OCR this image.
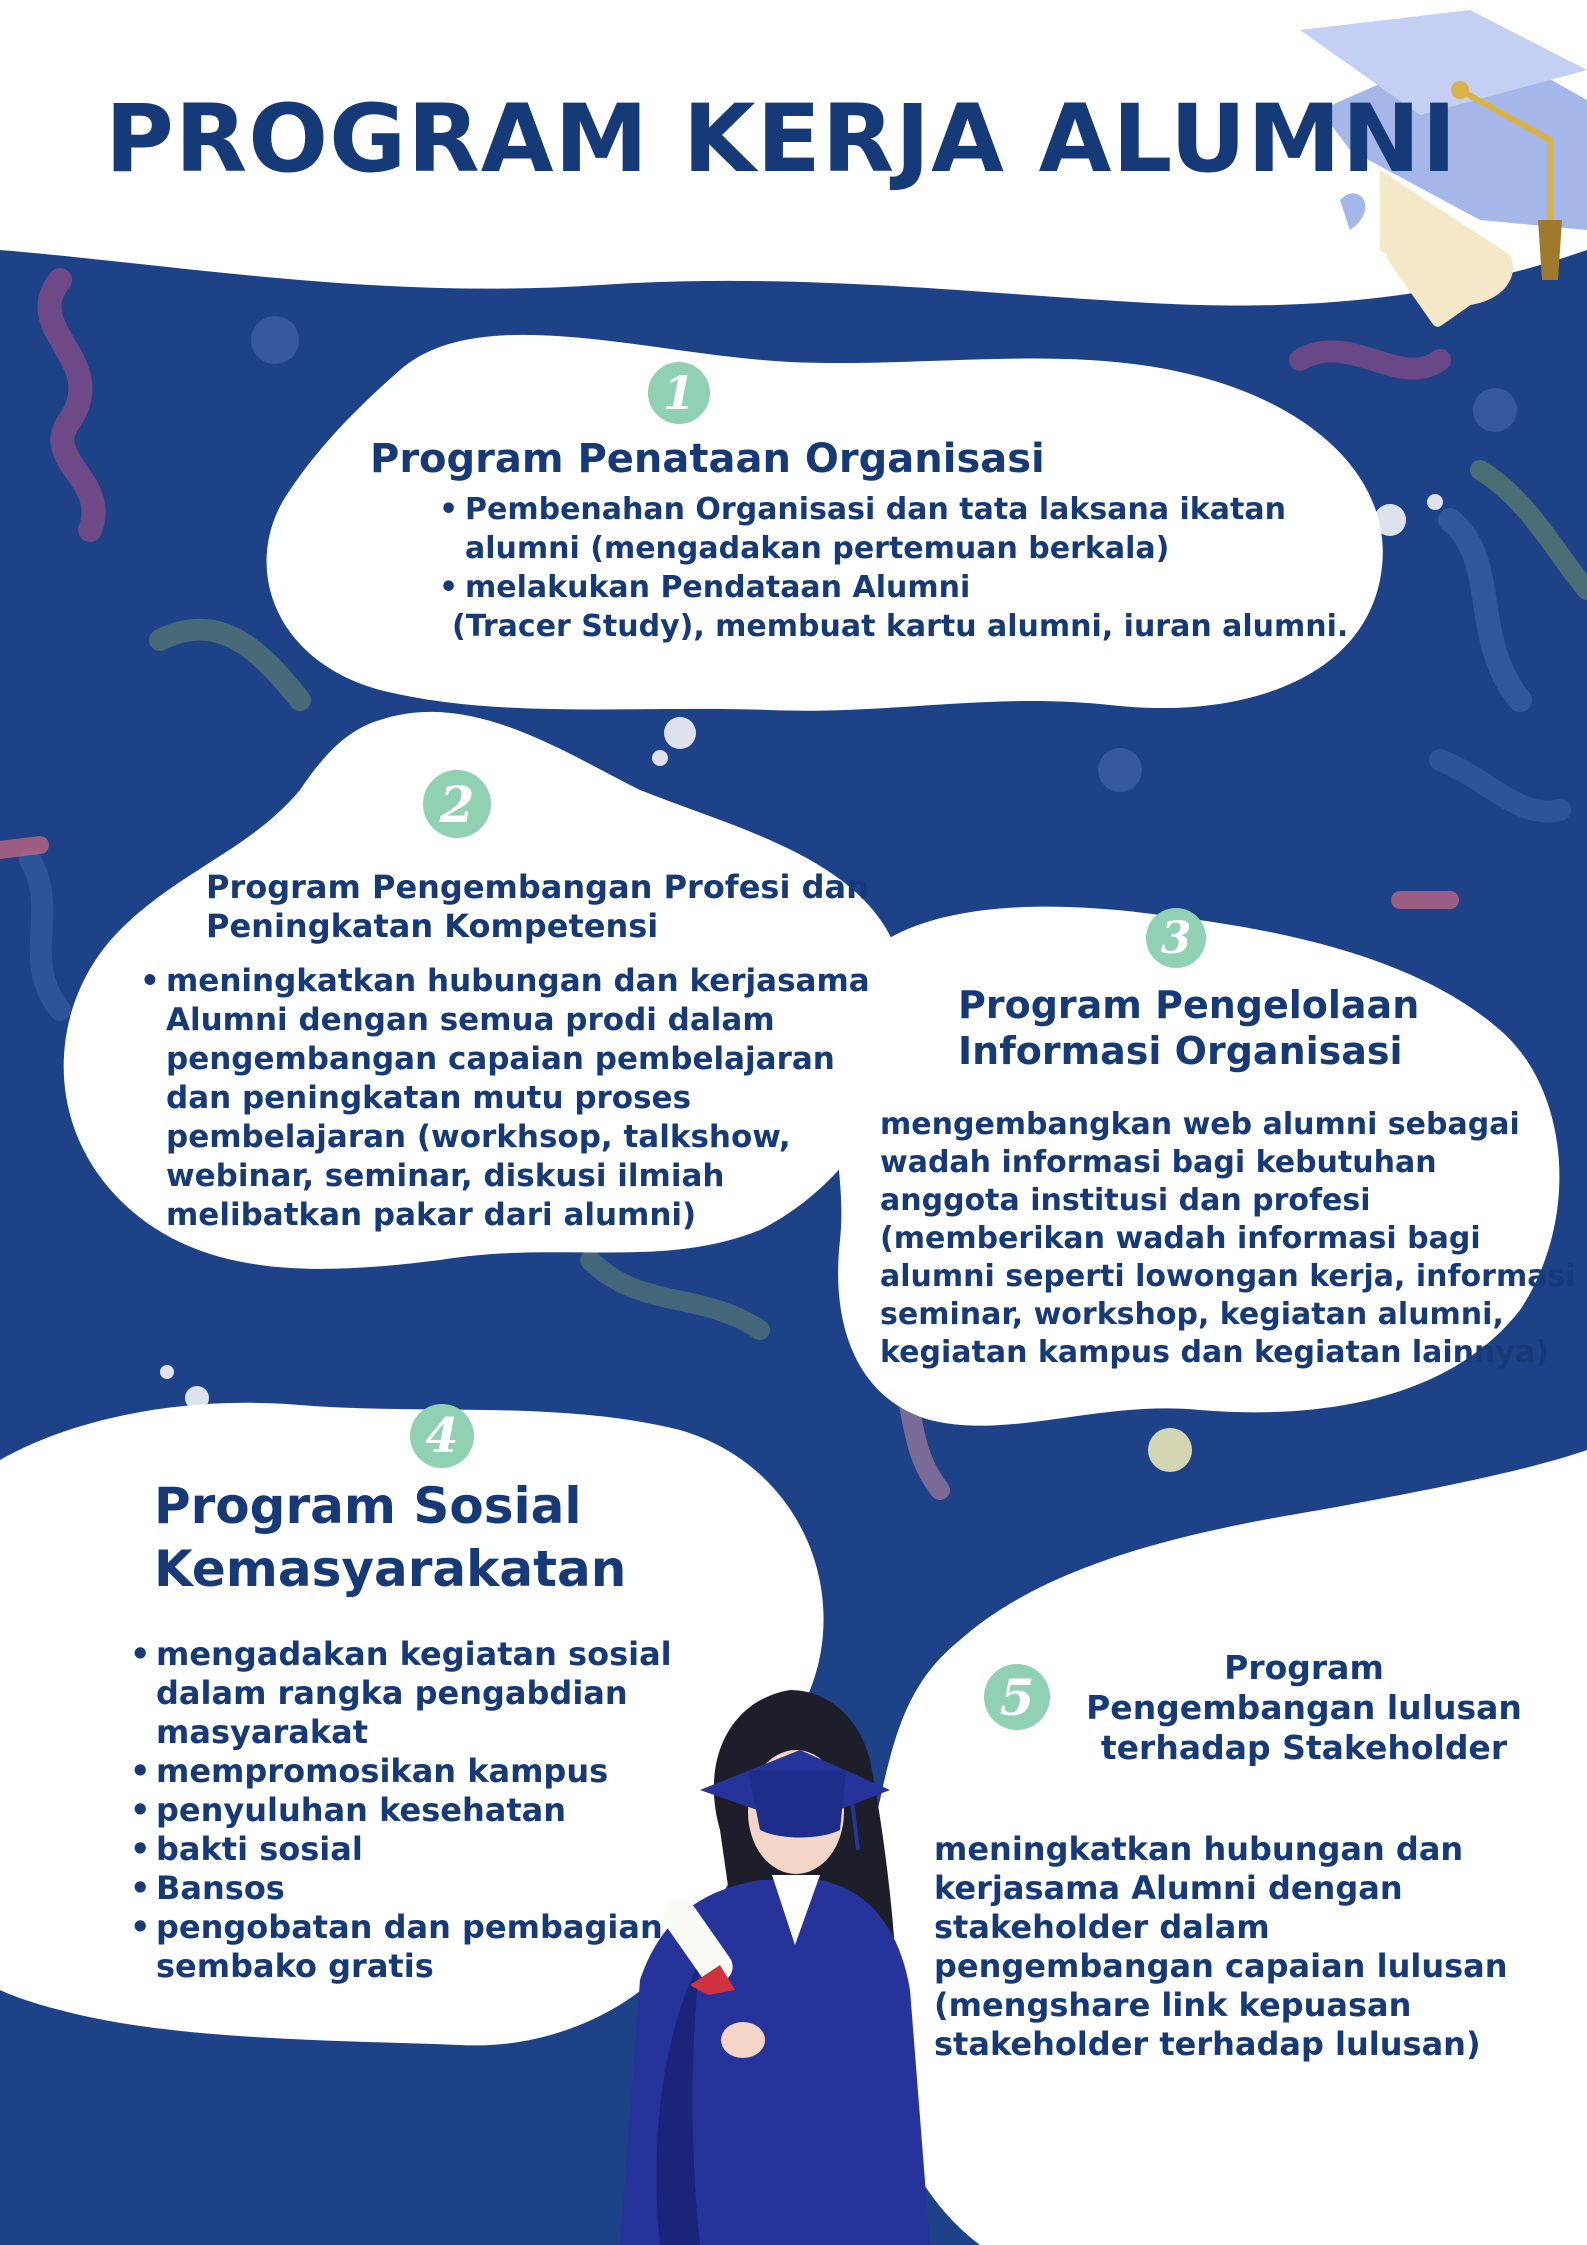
PROGRAM KERJA ALUMNI
1
Program Penataan Organisasi
• Pembenahan Organisasi dan tata laksana ikatan alumni (mengadakan pertemuan berkala)
• melakukan Pendataan Alumni

(Tracer Study), membuat kartu alumni, iuran alumni.

2
Program Pengembangan Profesi dan Peningkatan Kompetensi
• meningkatkan hubungan dan kerjasama Alumni dengan semua prodi dalam pengembangan capaian pembelajaran dan peningkatan mutu proses pembelajaran (workhsop, talkshow, webinar, seminar, diskusi ilmiah melibatkan pakar dari alumni)
3
Program Pengelolaan Informasi Organisasi

mengembangkan web alumni sebagai wadah informasi bagi kebutuhan anggota institusi dan profesi (memberikan wadah informasi bagi alumni seperti lowongan kerja, informasi seminar, workshop, kegiatan alumni, kegiatan kampus dan kegiatan lainnya)

4
Program Sosial Kemasyarakatan
• mengadakan kegiatan sosial dalam rangka pengabdian masyarakat
• mempromosikan kampus
• penyuluhan kesehatan
• bakti sosial
• Bansos
• pengobatan dan pembagian sembako gratis
5	Program Pengembangan lulusan terhadap Stakeholder

meningkatkan hubungan dan kerjasama Alumni dengan stakeholder dalam pengembangan capaian lulusan (mengshare link kepuasan stakeholder terhadap lulusan)
